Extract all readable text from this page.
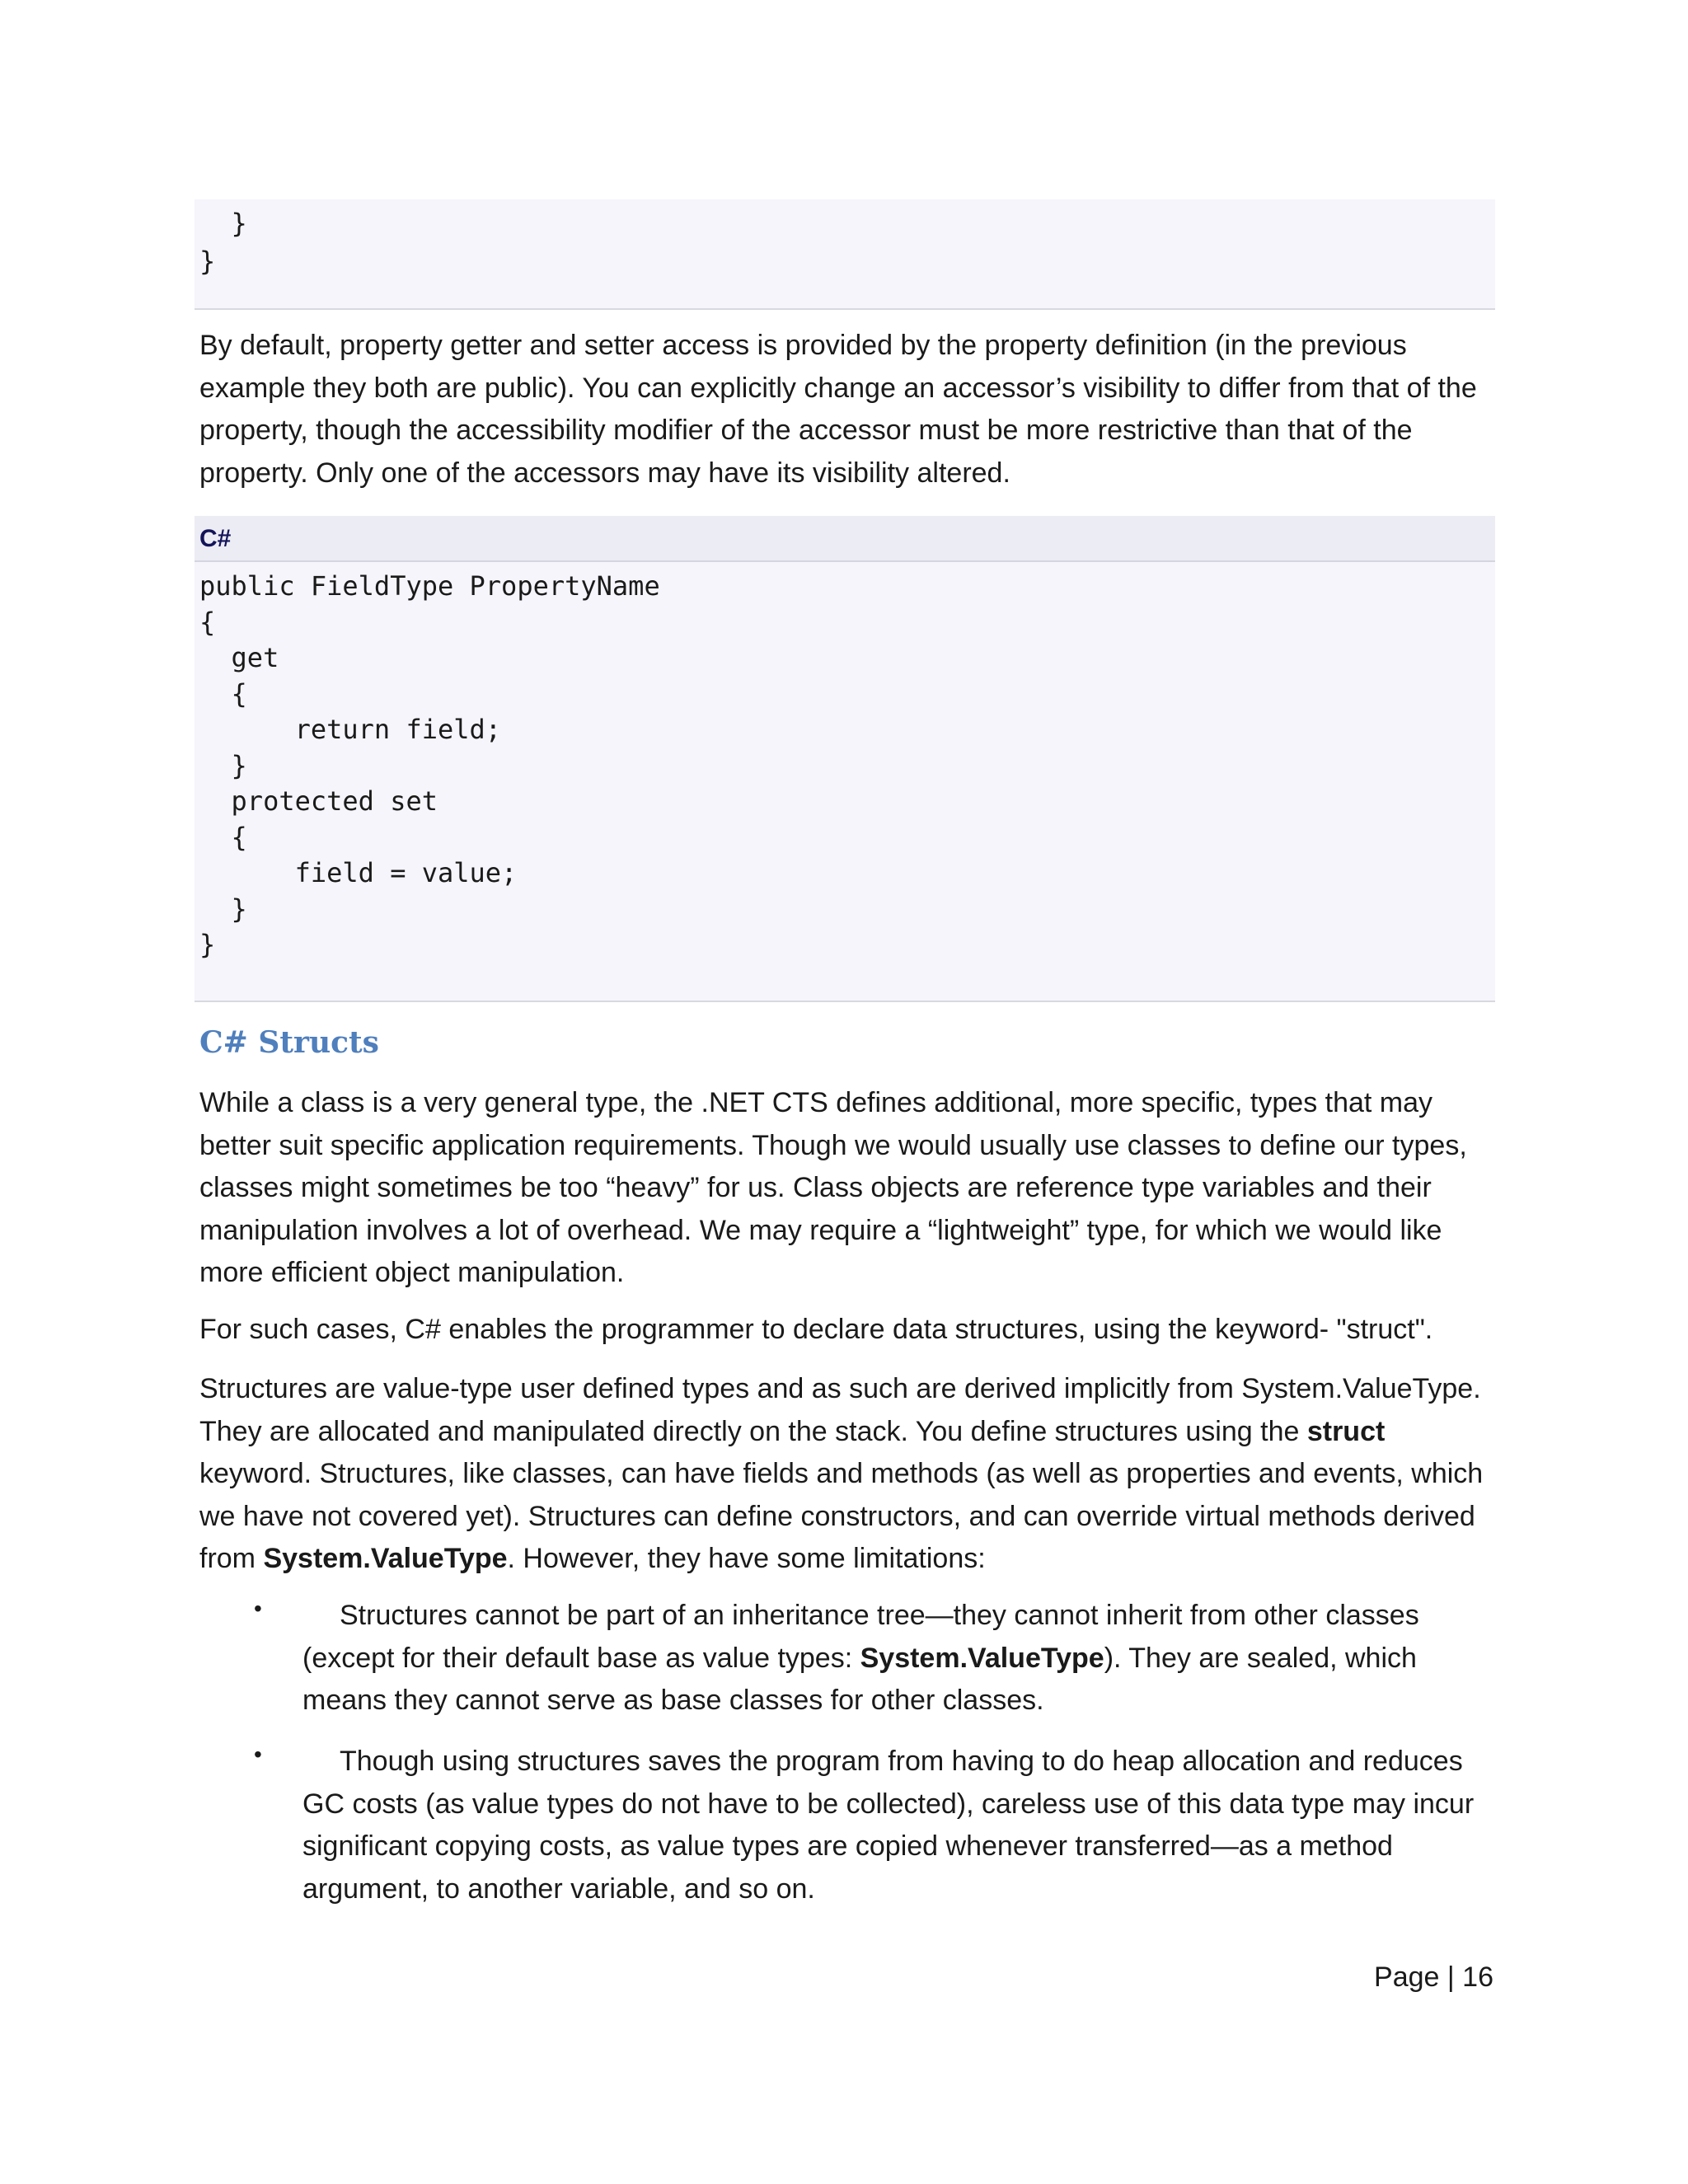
}
}

By default, property getter and setter access is provided by the property definition (in the previous example they both are public). You can explicitly change an accessor’s visibility to differ from that of the property, though the accessibility modifier of the accessor must be more restrictive than that of the property. Only one of the accessors may have its visibility altered.

C#
public FieldType PropertyName
{
get
{
return field;
}
protected set
{
field = value;
}
}
C# Structs

While a class is a very general type, the .NET CTS defines additional, more specific, types that may better suit specific application requirements. Though we would usually use classes to define our types, classes might sometimes be too “heavy” for us. Class objects are reference type variables and their manipulation involves a lot of overhead. We may require a “lightweight” type, for which we would like more efficient object manipulation.

For such cases, C# enables the programmer to declare data structures, using the keyword- "struct".

Structures are value-type user defined types and as such are derived implicitly from System.ValueType. They are allocated and manipulated directly on the stack. You define structures using the struct keyword. Structures, like classes, can have fields and methods (as well as properties and events, which we have not covered yet). Structures can define constructors, and can override virtual methods derived from System.ValueType. However, they have some limitations:

•	Structures cannot be part of an inheritance tree—they cannot inherit from other classes (except for their default base as value types: System.ValueType). They are sealed, which means they cannot serve as base classes for other classes.

•	Though using structures saves the program from having to do heap allocation and reduces GC costs (as value types do not have to be collected), careless use of this data type may incur significant copying costs, as value types are copied whenever transferred—as a method argument, to another variable, and so on.

Page | 16
